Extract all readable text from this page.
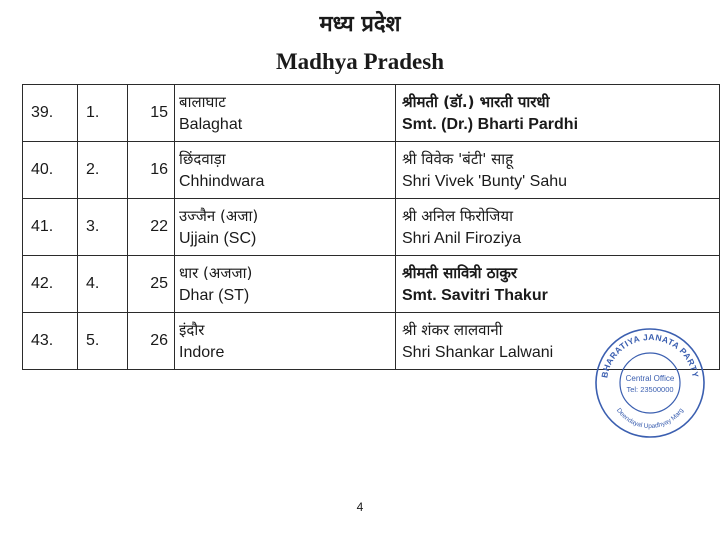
मध्य प्रदेश
Madhya Pradesh
39.	1.	15	बालाघाट
Balaghat	श्रीमती (डॉ.) भारती पारधी
Smt. (Dr.) Bharti Pardhi

40.	2.	16	छिंदवाड़ा
Chhindwara	श्री विवेक 'बंटी' साहू
Shri Vivek 'Bunty' Sahu

41.	3.	22	उज्जैन (अजा)
Ujjain (SC)	श्री अनिल फिरोजिया
Shri Anil Firoziya

42.	4.	25	धार (अजजा)
Dhar (ST)	श्रीमती सावित्री ठाकुर
Smt. Savitri Thakur

43.	5.	26	इंदौर
Indore	श्री शंकर लालवानी
Shri Shankar Lalwani
BHARATIYA JANATA PARTY
Deendayal Upadhyay Marg
Central Office
Tel: 23500000
4
